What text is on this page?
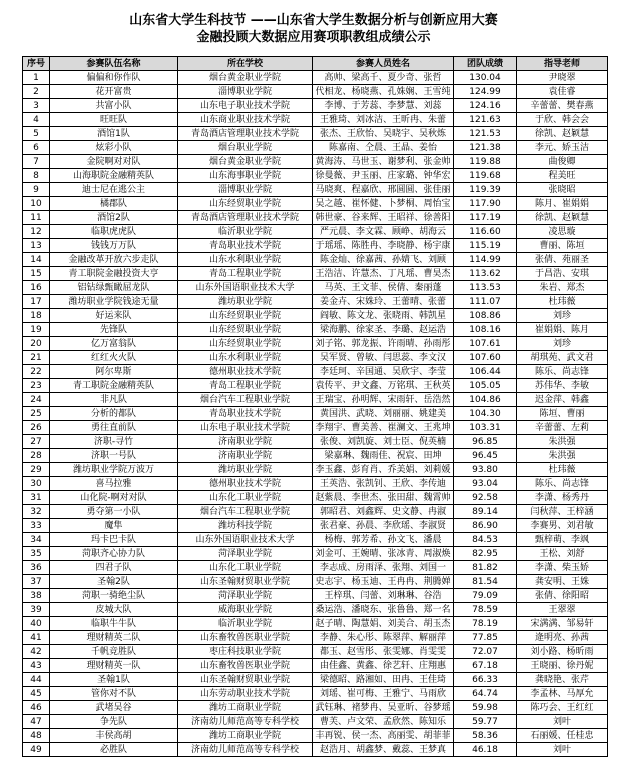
山东省大学生科技节 ——山东省大学生数据分析与创新应用大赛
金融投顾大数据应用赛项职教组成绩公示
序号	参赛队伍名称	所在学校	参赛人员姓名	团队成绩	指导老师
1	偏偏和你作队	烟台黄金职业学院	高帅、梁高千、夏少奇、张哲	130.04	尹晓翠
2	花开富贵	淄博职业学院	代相龙、杨晓燕、孔姝娴、王雪纯	124.99	袁佳睿
3	共富小队	山东电子职业技术学院	李博、于芳蕊、李梦慧、刘蕊	124.16	辛蕾蕾、樊春燕
4	旺旺队	山东商业职业技术学院	王雅琦、刘冰洁、王昕冉、朱蕾	121.63	于欣、韩会会
5	酒馆1队	青岛酒店管理职业技术学院	张杰、王欣怡、吴晓宇、吴秋炼	121.53	徐凯、赵颖慧
6	炫彩小队	烟台职业学院	陈嘉南、仝晨、王晶、姜怡	121.38	李元、娇玉洁
7	金院啊对对队	烟台黄金职业学院	黄海涛、马世玉、谢梦利、张金帅	119.88	曲俊卿
8	山海职院金融精英队	山东海事职业学院	徐曼薇、尹玉丽、庄家璐、钟华宏	119.68	程美旺
9	迪士尼在逃公主	淄博职业学院	马晓爽、程嘉欣、邢圆圆、张佳丽	119.39	张晓昭
10	橘郡队	山东经贸职业学院	吴之越、崔怀健、卜梦桐、周怡宝	117.90	陈月、崔娟娟
11	酒馆2队	青岛酒店管理职业技术学院	韩世豪、谷来辉、王昭祥、徐善阳	117.19	徐凯、赵颖慧
12	临职虎虎队	临沂职业学院	严元晨、李文霖、顾峥、胡海云	116.60	凌思璇
13	钱钱万万队	青岛职业技术学院	于瑶瑶、陈胜冉、李晓静、杨宇康	115.19	曹丽、陈垣
14	金融改革开放六步走队	山东水利职业学院	陈金灿、徐嘉茜、孙婧飞、刘顾	114.99	张倩、苑丽圣
15	青工职院金融投资大亨	青岛工程职业学院	王浩洁、许慧杰、丁凡瑶、曹昊杰	113.62	于昌浩、安琪
16	铝钻绿甄瞰屈龙队	山东外国语职业技术大学	马英、王文菲、侯倩、秦丽蓬	113.53	朱岩、郑杰
17	潍坊职业学院钱途无量	潍坊职业学院	姜金卉、宋姝玲、王蕾晴、张蕾	111.07	杜玮薇
18	好运来队	山东经贸职业学院	阎敏、陈文龙、张晓雨、韩凯星	108.86	刘珍
19	先锋队	山东经贸职业学院	梁海鹏、徐家圣、李璐、赵运浩	108.16	崔娟娟、陈月
20	亿万富翁队	山东经贸职业学院	刘子铭、郭龙振、许雨晴、孙雨彤	107.61	刘珍
21	红红火火队	山东水利职业学院	吴军贤、曾敏、闫思蕊、李文汉	107.60	胡琪苑、武文君
22	阿尔卑斯	德州职业技术学院	李廷珂、辛国通、吴欣宇、李莹	106.44	陈乐、尚志锋
23	青工职院金融精英队	青岛工程职业学院	袁传平、尹文鑫、万铭琪、王秋英	105.05	苏伟华、李敏
24	非凡队	烟台汽车工程职业学院	王瑞宝、孙明辉、宋雨轩、岳浩然	104.86	迟金萍、韩鑫
25	分析的都队	青岛职业技术学院	黄国洪、武晓、刘丽丽、姚建美	104.30	陈垣、曹丽
26	勇往直前队	山东电子职业技术学院	李翔宇、曹美善、崔澜文、王兆坤	103.31	辛蕾蕾、左莉
27	济职-寻竹	济南职业学院	张俊、刘凯旋、刘士臣、倪英楠	96.85	朱洪强
28	济职一号队	济南职业学院	梁嘉琳、魏雨佳、祝宸、田坤	96.45	朱洪强
29	潍坊职业学院万波万	潍坊职业学院	李玉鑫、彭育肖、乔美娟、刘莉媛	93.80	杜玮薇
30	喜马拉雅	德州职业技术学院	王英浩、张凯钊、王欣、李传迪	93.04	陈乐、尚志锋
31	山化院-啊对对队	山东化工职业学院	赵紫晨、李世杰、张田甜、魏霄帅	92.58	李潇、杨秀丹
32	勇夺第一小队	烟台汽车工程职业学院	郭昭君、刘鑫辉、史文静、冉淑	89.14	闫秋萍、王梓涵
33	魔隼	潍坊科技学院	张君豪、孙晨、李欣瑶、李淑贤	86.90	李赛男、刘君敏
34	玛卡巴卡队	山东外国语职业技术大学	杨梅、郭芳希、孙文飞、潘晨	84.53	甄梓萌、李飒
35	菏职齐心协力队	菏泽职业学院	刘金可、王婉晴、张冰青、周淑焕	82.95	王松、刘舒
36	四君子队	山东化工职业学院	李志成、房雨泽、张翔、刘国一	81.82	李潇、柴玉娇
37	圣翰2队	山东圣翰财贸职业学院	史志宇、杨玉迪、王冉冉、荆腾婵	81.54	龚安明、王姝
38	菏职一骑绝尘队	菏泽职业学院	王梓琪、闫蕾、刘琳琳、谷浩	79.09	张倩、徐阳昭
39	皮城大队	威海职业学院	桑运浩、潘晓东、张鲁鲁、郑一名	78.59	王翠翠
40	临职牛牛队	临沂职业学院	赵子晴、陶慧娟、刘美合、胡玉杰	78.19	宋满满、邹易轩
41	理财精英二队	山东畜牧兽医职业学院	李静、朱心彤、陈翠萍、解丽萍	77.85	逄明亮、孙茜
42	千帆竞胜队	枣庄科技职业学院	都玉、赵雪彤、张雯娜、肖雯雯	72.07	刘小路、杨昕雨
43	理财精英一队	山东畜牧兽医职业学院	由佳鑫、黄鑫、徐艺轩、庄翔惠	67.18	王晓丽、徐丹妮
44	圣翰1队	山东圣翰财贸职业学院	梁德昭、路湘如、田冉、王佳琦	66.33	龚晓艳、张芹
45	管你对不队	山东劳动职业技术学院	刘瑶、崔可梅、王雅宁、马雨欣	64.74	李孟林、马厚允
46	武堵吴谷	潍坊工商职业学院	武钰琳、褚梦冉、吴亚昕、谷梦瑶	59.98	陈巧会、王红红
47	争先队	济南幼儿师范高等专科学校	曹芙、卢文荣、孟欣然、陈知乐	59.77	刘叶
48	丰侯高胡	潍坊工商职业学院	丰再锐、侯一杰、高丽雯、胡菲菲	58.36	石丽媛、任桂忠
49	必胜队	济南幼儿师范高等专科学校	赵浩月、胡鑫梦、戴蕊、王梦真	46.18	刘叶
